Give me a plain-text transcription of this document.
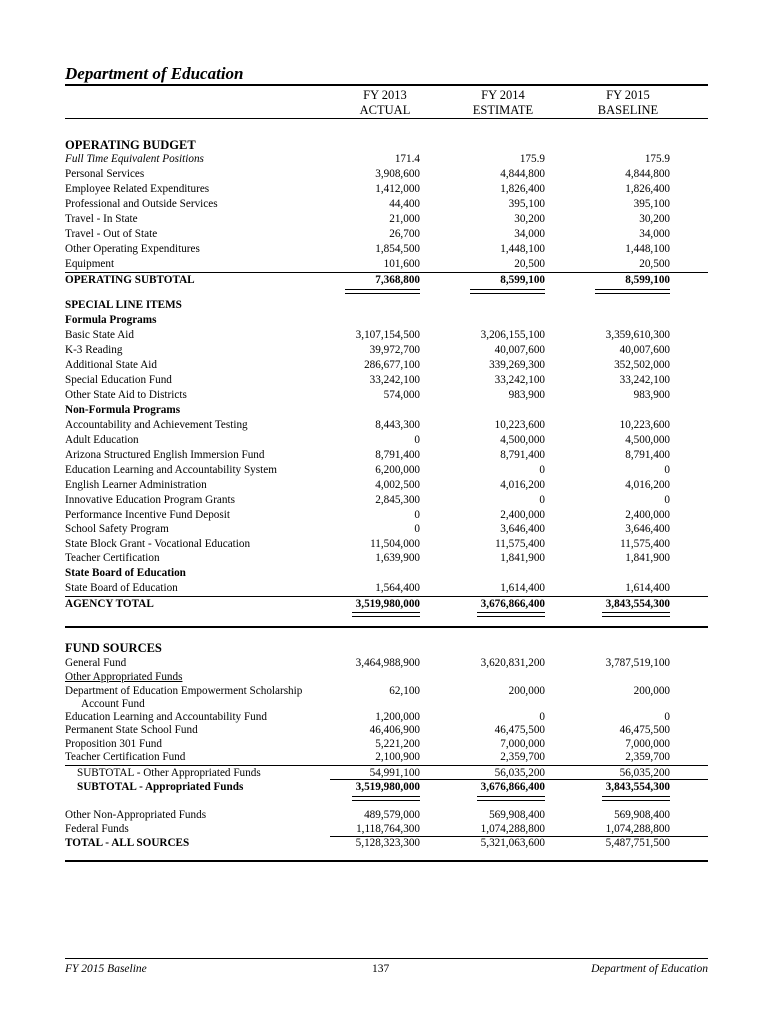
Department of Education
FY 2013
ACTUAL
FY 2014
ESTIMATE
FY 2015
BASELINE
OPERATING BUDGET
Full Time Equivalent Positions	171.4	175.9	175.9
Personal Services	3,908,600	4,844,800	4,844,800
Employee Related Expenditures	1,412,000	1,826,400	1,826,400
Professional and Outside Services	44,400	395,100	395,100
Travel - In State	21,000	30,200	30,200
Travel - Out of State	26,700	34,000	34,000
Other Operating Expenditures	1,854,500	1,448,100	1,448,100
Equipment	101,600	20,500	20,500
OPERATING SUBTOTAL	7,368,800	8,599,100	8,599,100
SPECIAL LINE ITEMS
Formula Programs
Basic State Aid	3,107,154,500	3,206,155,100	3,359,610,300
K-3 Reading	39,972,700	40,007,600	40,007,600
Additional State Aid	286,677,100	339,269,300	352,502,000
Special Education Fund	33,242,100	33,242,100	33,242,100
Other State Aid to Districts	574,000	983,900	983,900
Non-Formula Programs
Accountability and Achievement Testing	8,443,300	10,223,600	10,223,600
Adult Education	0	4,500,000	4,500,000
Arizona Structured English Immersion Fund	8,791,400	8,791,400	8,791,400
Education Learning and Accountability System	6,200,000	0	0
English Learner Administration	4,002,500	4,016,200	4,016,200
Innovative Education Program Grants	2,845,300	0	0
Performance Incentive Fund Deposit	0	2,400,000	2,400,000
School Safety Program	0	3,646,400	3,646,400
State Block Grant - Vocational Education	11,504,000	11,575,400	11,575,400
Teacher Certification	1,639,900	1,841,900	1,841,900
State Board of Education
State Board of Education	1,564,400	1,614,400	1,614,400
AGENCY TOTAL	3,519,980,000	3,676,866,400	3,843,554,300
FUND SOURCES
General Fund	3,464,988,900	3,620,831,200	3,787,519,100
Other Appropriated Funds
Department of Education Empowerment Scholarship	62,100	200,000	200,000
Account Fund
Education Learning and Accountability Fund	1,200,000	0	0
Permanent State School Fund	46,406,900	46,475,500	46,475,500
Proposition 301 Fund	5,221,200	7,000,000	7,000,000
Teacher Certification Fund	2,100,900	2,359,700	2,359,700
SUBTOTAL - Other Appropriated Funds	54,991,100	56,035,200	56,035,200
SUBTOTAL - Appropriated Funds	3,519,980,000	3,676,866,400	3,843,554,300
Other Non-Appropriated Funds	489,579,000	569,908,400	569,908,400
Federal Funds	1,118,764,300	1,074,288,800	1,074,288,800
TOTAL - ALL SOURCES	5,128,323,300	5,321,063,600	5,487,751,500
FY 2015 Baseline	137	Department of Education
